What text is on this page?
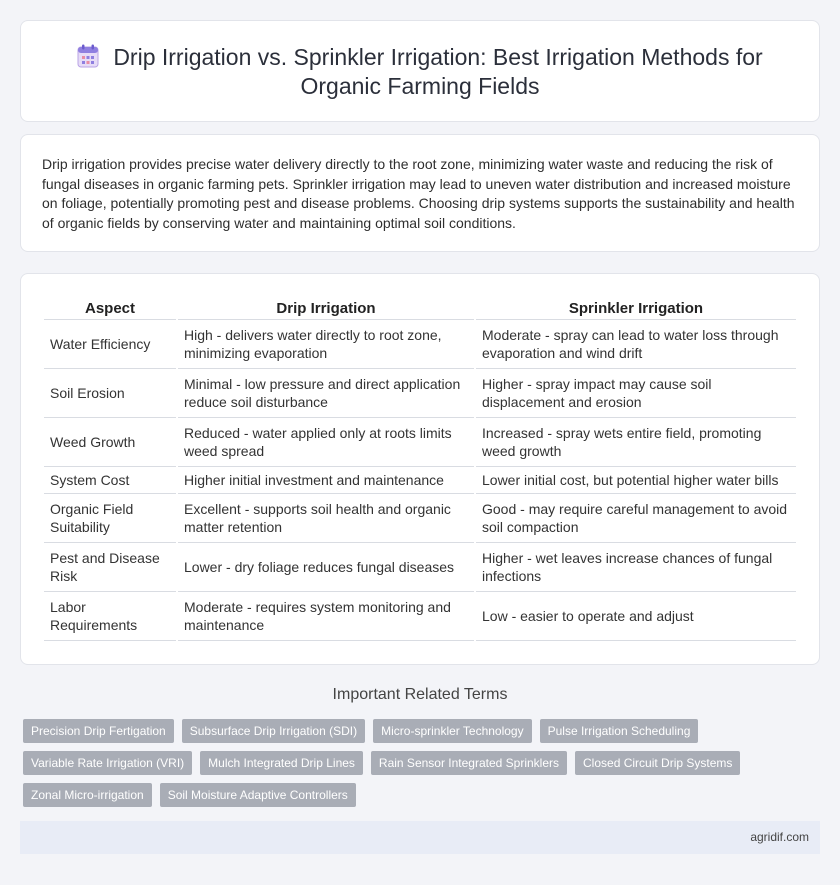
Drip Irrigation vs. Sprinkler Irrigation: Best Irrigation Methods for Organic Farming Fields

Drip irrigation provides precise water delivery directly to the root zone, minimizing water waste and reducing the risk of fungal diseases in organic farming pets. Sprinkler irrigation may lead to uneven water distribution and increased moisture on foliage, potentially promoting pest and disease problems. Choosing drip systems supports the sustainability and health of organic fields by conserving water and maintaining optimal soil conditions.

Aspect	Drip Irrigation	Sprinkler Irrigation
Water Efficiency	High - delivers water directly to root zone, minimizing evaporation	Moderate - spray can lead to water loss through evaporation and wind drift
Soil Erosion	Minimal - low pressure and direct application reduce soil disturbance	Higher - spray impact may cause soil displacement and erosion
Weed Growth	Reduced - water applied only at roots limits weed spread	Increased - spray wets entire field, promoting weed growth
System Cost	Higher initial investment and maintenance	Lower initial cost, but potential higher water bills
Organic Field Suitability	Excellent - supports soil health and organic matter retention	Good - may require careful management to avoid soil compaction
Pest and Disease Risk	Lower - dry foliage reduces fungal diseases	Higher - wet leaves increase chances of fungal infections
Labor Requirements	Moderate - requires system monitoring and maintenance	Low - easier to operate and adjust
Important Related Terms
Precision Drip Fertigation	Subsurface Drip Irrigation (SDI)	Micro-sprinkler Technology	Pulse Irrigation Scheduling
Variable Rate Irrigation (VRI)	Mulch Integrated Drip Lines	Rain Sensor Integrated Sprinklers	Closed Circuit Drip Systems
Zonal Micro-irrigation	Soil Moisture Adaptive Controllers
agridif.com
